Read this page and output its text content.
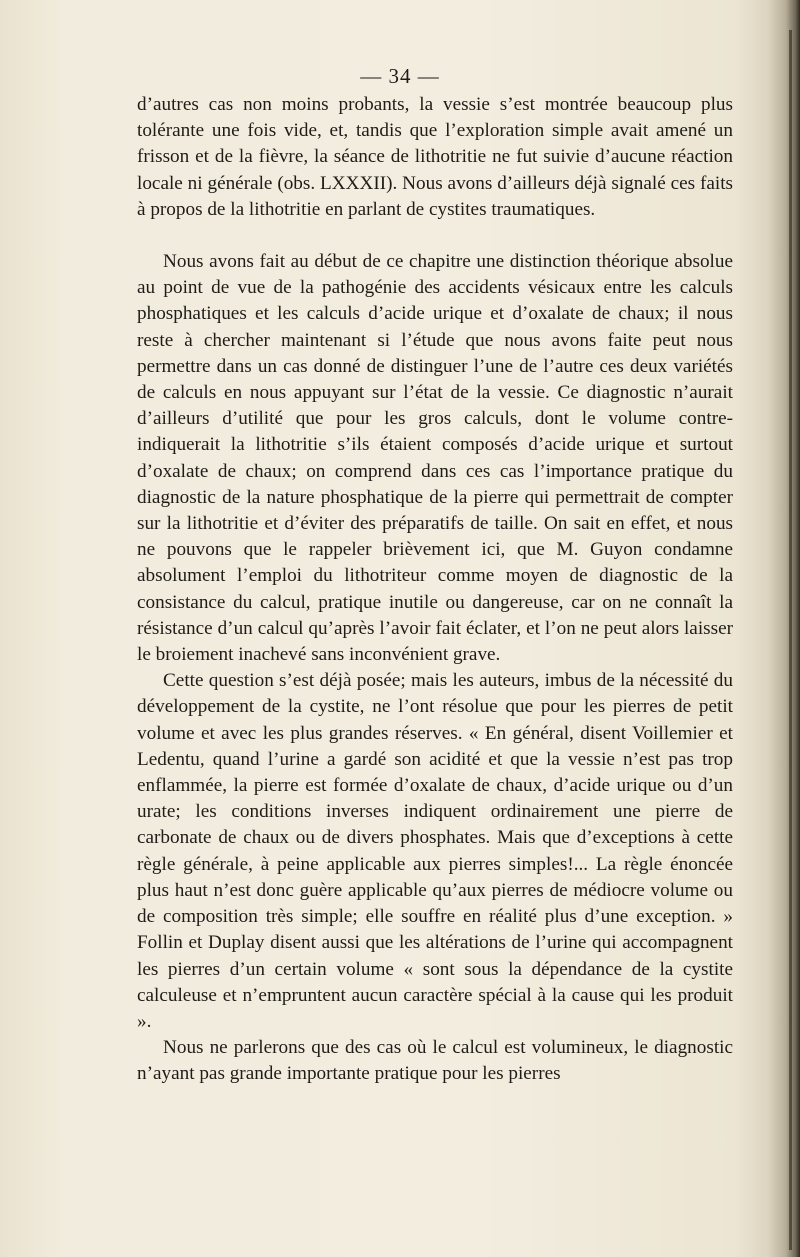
— 34 —

d’autres cas non moins probants, la vessie s’est montrée beaucoup plus tolérante une fois vide, et, tandis que l’exploration simple avait amené un frisson et de la fièvre, la séance de lithotritie ne fut suivie d’aucune réaction locale ni générale (obs. LXXXII). Nous avons d’ailleurs déjà signalé ces faits à propos de la lithotritie en parlant de cystites traumatiques.

Nous avons fait au début de ce chapitre une distinction théorique absolue au point de vue de la pathogénie des accidents vésicaux entre les calculs phosphatiques et les calculs d’acide urique et d’oxalate de chaux; il nous reste à chercher maintenant si l’étude que nous avons faite peut nous permettre dans un cas donné de distinguer l’une de l’autre ces deux variétés de calculs en nous appuyant sur l’état de la vessie. Ce diagnostic n’aurait d’ailleurs d’utilité que pour les gros calculs, dont le volume contre-indiquerait la lithotritie s’ils étaient composés d’acide urique et surtout d’oxalate de chaux; on comprend dans ces cas l’importance pratique du diagnostic de la nature phosphatique de la pierre qui permettrait de compter sur la lithotritie et d’éviter des préparatifs de taille. On sait en effet, et nous ne pouvons que le rappeler brièvement ici, que M. Guyon condamne absolument l’emploi du lithotriteur comme moyen de diagnostic de la consistance du calcul, pratique inutile ou dangereuse, car on ne connaît la résistance d’un calcul qu’après l’avoir fait éclater, et l’on ne peut alors laisser le broiement inachevé sans inconvénient grave.

Cette question s’est déjà posée; mais les auteurs, imbus de la nécessité du développement de la cystite, ne l’ont résolue que pour les pierres de petit volume et avec les plus grandes réserves. « En général, disent Voillemier et Ledentu, quand l’urine a gardé son acidité et que la vessie n’est pas trop enflammée, la pierre est formée d’oxalate de chaux, d’acide urique ou d’un urate; les conditions inverses indiquent ordinairement une pierre de carbonate de chaux ou de divers phosphates. Mais que d’exceptions à cette règle générale, à peine applicable aux pierres simples!... La règle énoncée plus haut n’est donc guère applicable qu’aux pierres de médiocre volume ou de composition très simple; elle souffre en réalité plus d’une exception. » Follin et Duplay disent aussi que les altérations de l’urine qui accompagnent les pierres d’un certain volume « sont sous la dépendance de la cystite calculeuse et n’empruntent aucun caractère spécial à la cause qui les produit ».

Nous ne parlerons que des cas où le calcul est volumineux, le diagnostic n’ayant pas grande importante pratique pour les pierres
